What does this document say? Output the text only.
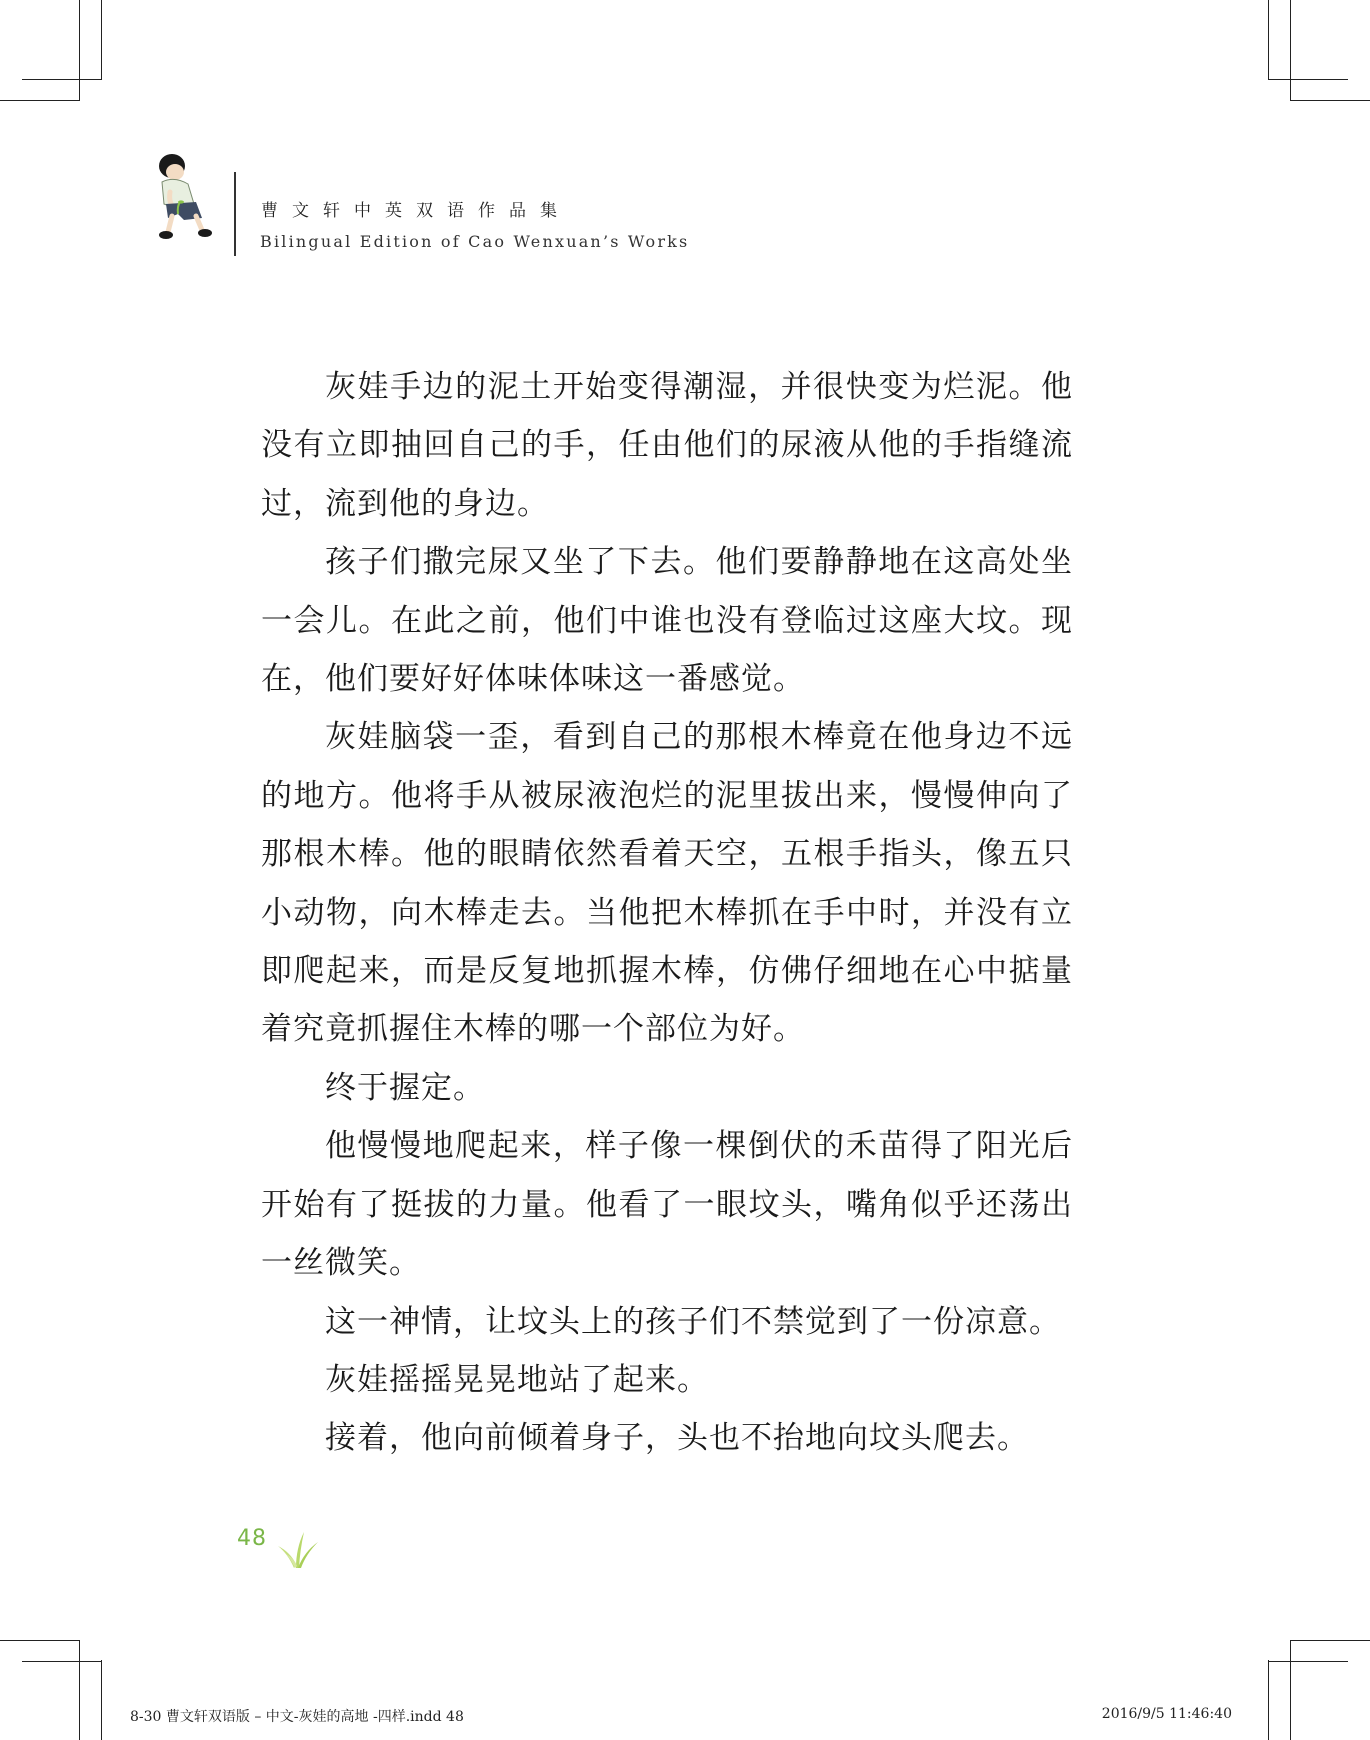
曹文轩中英双语作品集
Bilingual Edition of Cao Wenxuan’s Works

灰娃手边的泥土开始变得潮湿，并很快变为烂泥。他没有立即抽回自己的手，任由他们的尿液从他的手指缝流过，流到他的身边。

孩子们撒完尿又坐了下去。他们要静静地在这高处坐一会儿。在此之前，他们中谁也没有登临过这座大坟。现在，他们要好好体味体味这一番感觉。

灰娃脑袋一歪，看到自己的那根木棒竟在他身边不远的地方。他将手从被尿液泡烂的泥里拔出来，慢慢伸向了那根木棒。他的眼睛依然看着天空，五根手指头，像五只小动物，向木棒走去。当他把木棒抓在手中时，并没有立即爬起来，而是反复地抓握木棒，仿佛仔细地在心中掂量着究竟抓握住木棒的哪一个部位为好。

终于握定。

他慢慢地爬起来，样子像一棵倒伏的禾苗得了阳光后开始有了挺拔的力量。他看了一眼坟头，嘴角似乎还荡出一丝微笑。

这一神情，让坟头上的孩子们不禁觉到了一份凉意。

灰娃摇摇晃晃地站了起来。

接着，他向前倾着身子，头也不抬地向坟头爬去。

48
8-30 曹文轩双语版 – 中文-灰娃的高地 -四样.indd 48	2016/9/5 11:46:40
